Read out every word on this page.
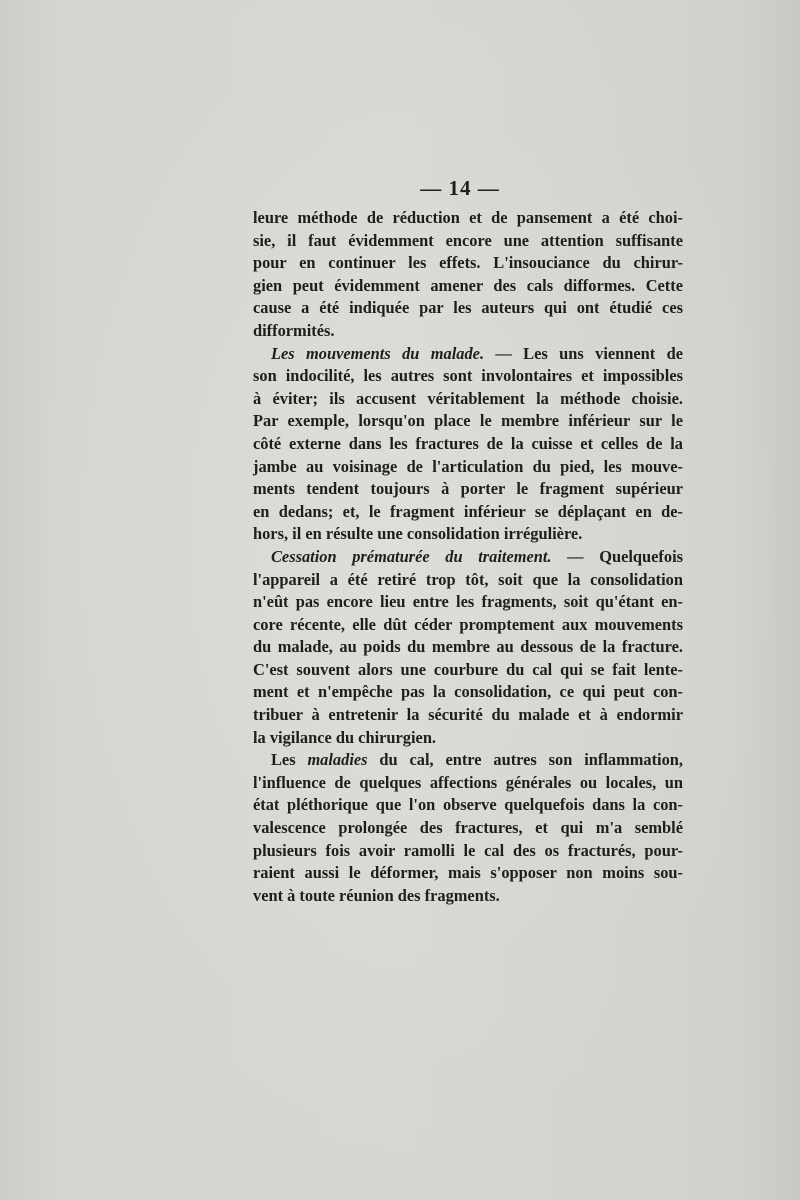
— 14 —
leure méthode de réduction et de pansement a été choi-
sie, il faut évidemment encore une attention suffisante
pour en continuer les effets. L'insouciance du chirur-
gien peut évidemment amener des cals difformes. Cette
cause a été indiquée par les auteurs qui ont étudié ces
difformités.
Les mouvements du malade. — Les uns viennent de
son indocilité, les autres sont involontaires et impossibles
à éviter; ils accusent véritablement la méthode choisie.
Par exemple, lorsqu'on place le membre inférieur sur le
côté externe dans les fractures de la cuisse et celles de la
jambe au voisinage de l'articulation du pied, les mouve-
ments tendent toujours à porter le fragment supérieur
en dedans; et, le fragment inférieur se déplaçant en de-
hors, il en résulte une consolidation irrégulière.
Cessation prématurée du traitement. — Quelquefois
l'appareil a été retiré trop tôt, soit que la consolidation
n'eût pas encore lieu entre les fragments, soit qu'étant en-
core récente, elle dût céder promptement aux mouvements
du malade, au poids du membre au dessous de la fracture.
C'est souvent alors une courbure du cal qui se fait lente-
ment et n'empêche pas la consolidation, ce qui peut con-
tribuer à entretenir la sécurité du malade et à endormir
la vigilance du chirurgien.
Les maladies du cal, entre autres son inflammation,
l'influence de quelques affections générales ou locales, un
état pléthorique que l'on observe quelquefois dans la con-
valescence prolongée des fractures, et qui m'a semblé
plusieurs fois avoir ramolli le cal des os fracturés, pour-
raient aussi le déformer, mais s'opposer non moins sou-
vent à toute réunion des fragments.
